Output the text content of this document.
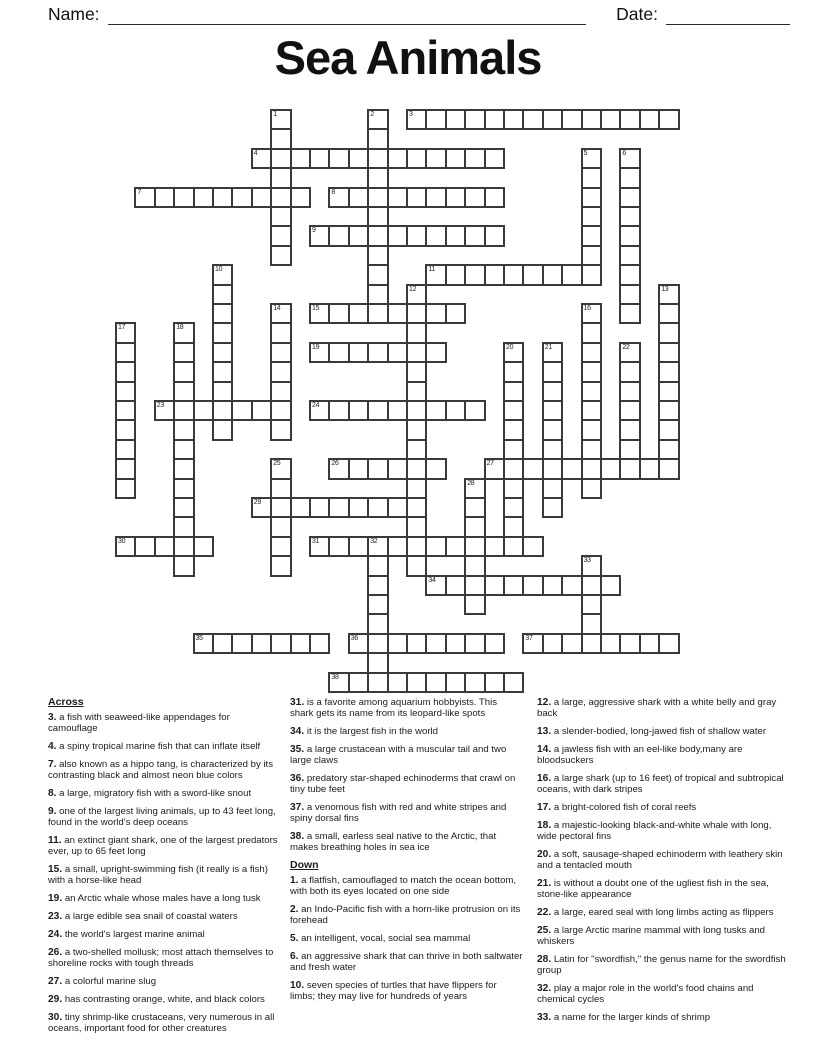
Name:	Date:
Sea Animals
3
4
7	8
9
11
15
19
23	24
26	27
29
30	31	32
34
35	36	37
38
1	2
5	6
10
12	13
14	16
17	18
20	21	22
25
28
33
Across
3. a fish with seaweed-like appendages for camouflage
4. a spiny tropical marine fish that can inflate itself
7. also known as a hippo tang, is characterized by its contrasting black and almost neon blue colors
8. a large, migratory fish with a sword-like snout
9. one of the largest living animals, up to 43 feet long, found in the world's deep oceans
11. an extinct giant shark, one of the largest predators ever, up to 65 feet long
15. a small, upright-swimming fish (it really is a fish) with a horse-like head
19. an Arctic whale whose males have a long tusk
23. a large edible sea snail of coastal waters
24. the world's largest marine animal
26. a two-shelled mollusk; most attach themselves to shoreline rocks with tough threads
27. a colorful marine slug
29. has contrasting orange, white, and black colors
30. tiny shrimp-like crustaceans, very numerous in all oceans, important food for other creatures
31. is a favorite among aquarium hobbyists. This shark gets its name from its leopard-like spots
34. it is the largest fish in the world
35. a large crustacean with a muscular tail and two large claws
36. predatory star-shaped echinoderms that crawl on tiny tube feet
37. a venomous fish with red and white stripes and spiny dorsal fins
38. a small, earless seal native to the Arctic, that makes breathing holes in sea ice
Down
1. a flatfish, camouflaged to match the ocean bottom, with both its eyes located on one side
2. an Indo-Pacific fish with a horn-like protrusion on its forehead
5. an intelligent, vocal, social sea mammal
6. an aggressive shark that can thrive in both saltwater and fresh water
10. seven species of turtles that have flippers for limbs; they may live for hundreds of years
12. a large, aggressive shark with a white belly and gray back
13. a slender-bodied, long-jawed fish of shallow water
14. a jawless fish with an eel-like body,many are bloodsuckers
16. a large shark (up to 16 feet) of tropical and subtropical oceans, with dark stripes
17. a bright-colored fish of coral reefs
18. a majestic-looking black-and-white whale with long, wide pectoral fins
20. a soft, sausage-shaped echinoderm with leathery skin and a tentacled mouth
21. is without a doubt one of the ugliest fish in the sea, stone-like appearance
22. a large, eared seal with long limbs acting as flippers
25. a large Arctic marine mammal with long tusks and whiskers
28. Latin for "swordfish," the genus name for the swordfish group
32. play a major role in the world's food chains and chemical cycles
33. a name for the larger kinds of shrimp
